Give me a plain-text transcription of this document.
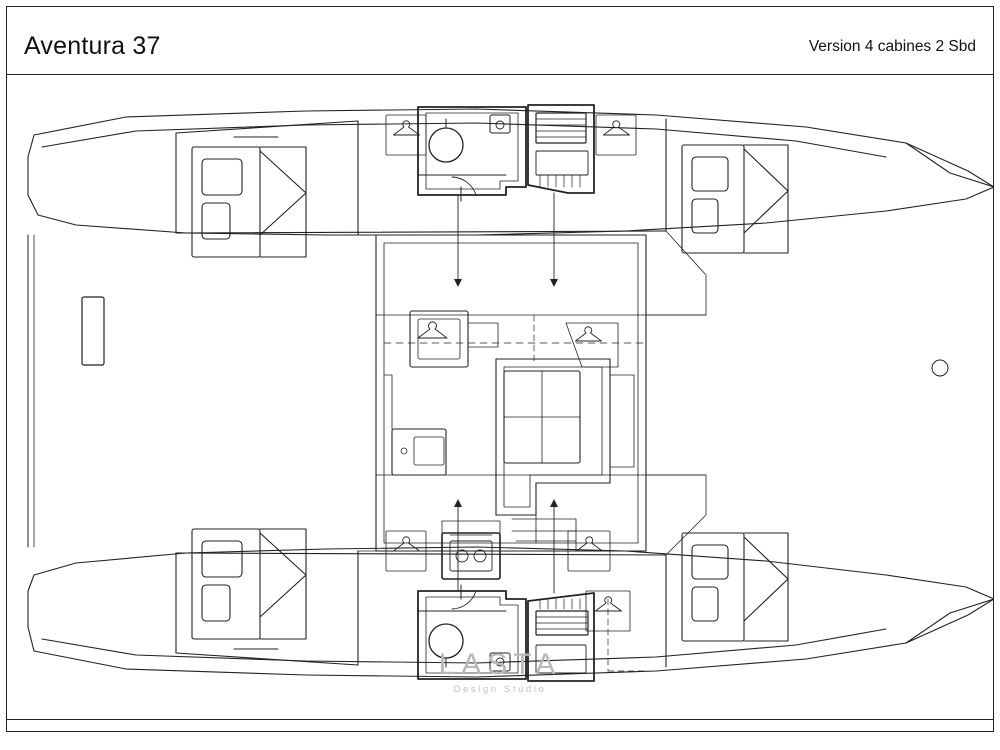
Aventura 37	Version 4 cabines 2 Sbd
LASTA
Design Studio
